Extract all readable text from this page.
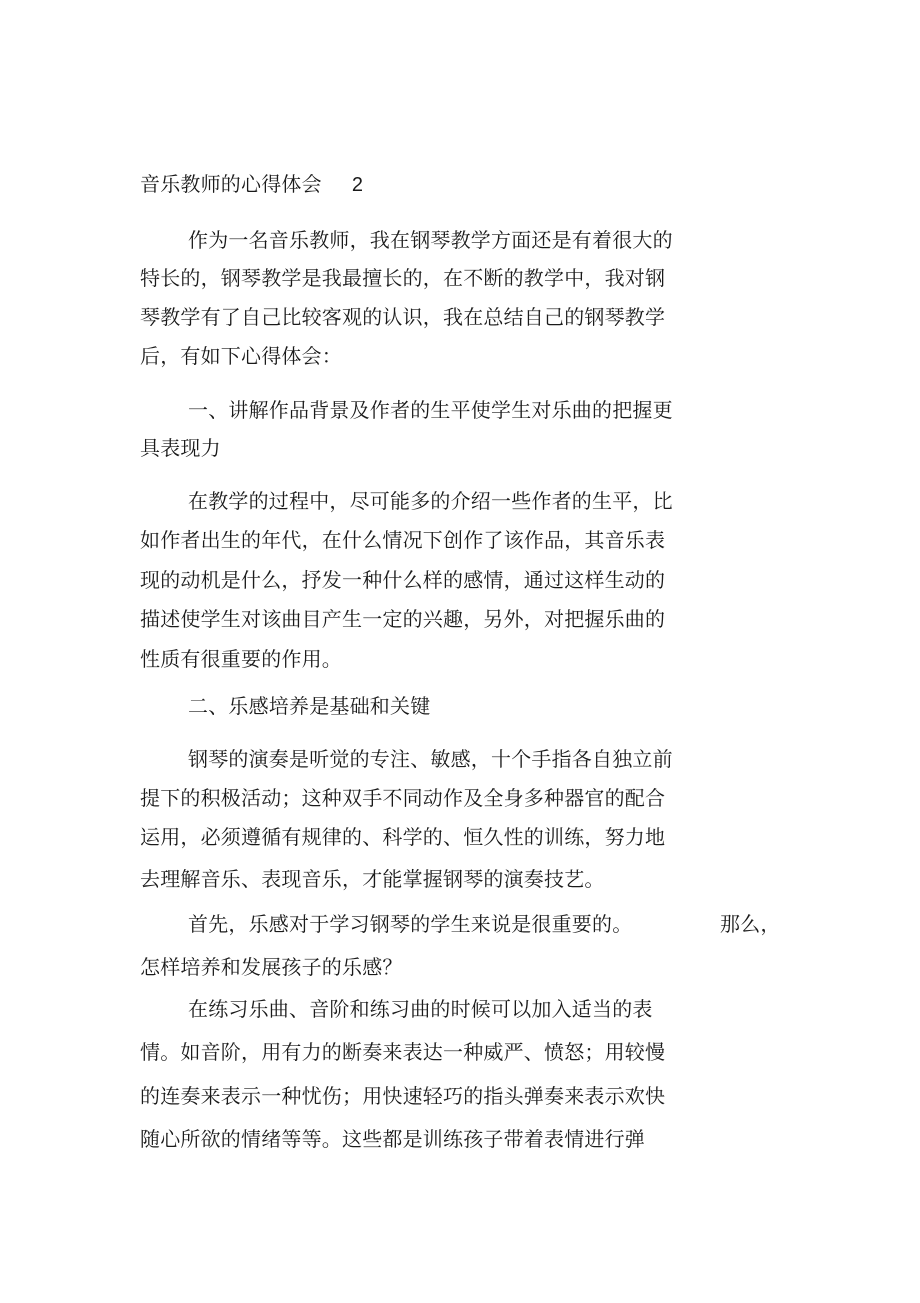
音乐教师的心得体会 2
作为一名音乐教师，我在钢琴教学方面还是有着很大的
特长的，钢琴教学是我最擅长的，在不断的教学中，我对钢
琴教学有了自己比较客观的认识，我在总结自己的钢琴教学
后，有如下心得体会：
一、讲解作品背景及作者的生平使学生对乐曲的把握更
具表现力
在教学的过程中，尽可能多的介绍一些作者的生平，比
如作者出生的年代，在什么情况下创作了该作品，其音乐表
现的动机是什么，抒发一种什么样的感情，通过这样生动的
描述使学生对该曲目产生一定的兴趣，另外，对把握乐曲的
性质有很重要的作用。
二、乐感培养是基础和关键
钢琴的演奏是听觉的专注、敏感，十个手指各自独立前
提下的积极活动；这种双手不同动作及全身多种器官的配合
运用，必须遵循有规律的、科学的、恒久性的训练，努力地
去理解音乐、表现音乐，才能掌握钢琴的演奏技艺。
首先，乐感对于学习钢琴的学生来说是很重要的。	那么，
怎样培养和发展孩子的乐感？
在练习乐曲、音阶和练习曲的时候可以加入适当的表
情。如音阶，用有力的断奏来表达一种威严、愤怒；用较慢
的连奏来表示一种忧伤；用快速轻巧的指头弹奏来表示欢快
随心所欲的情绪等等。这些都是训练孩子带着表情进行弹
